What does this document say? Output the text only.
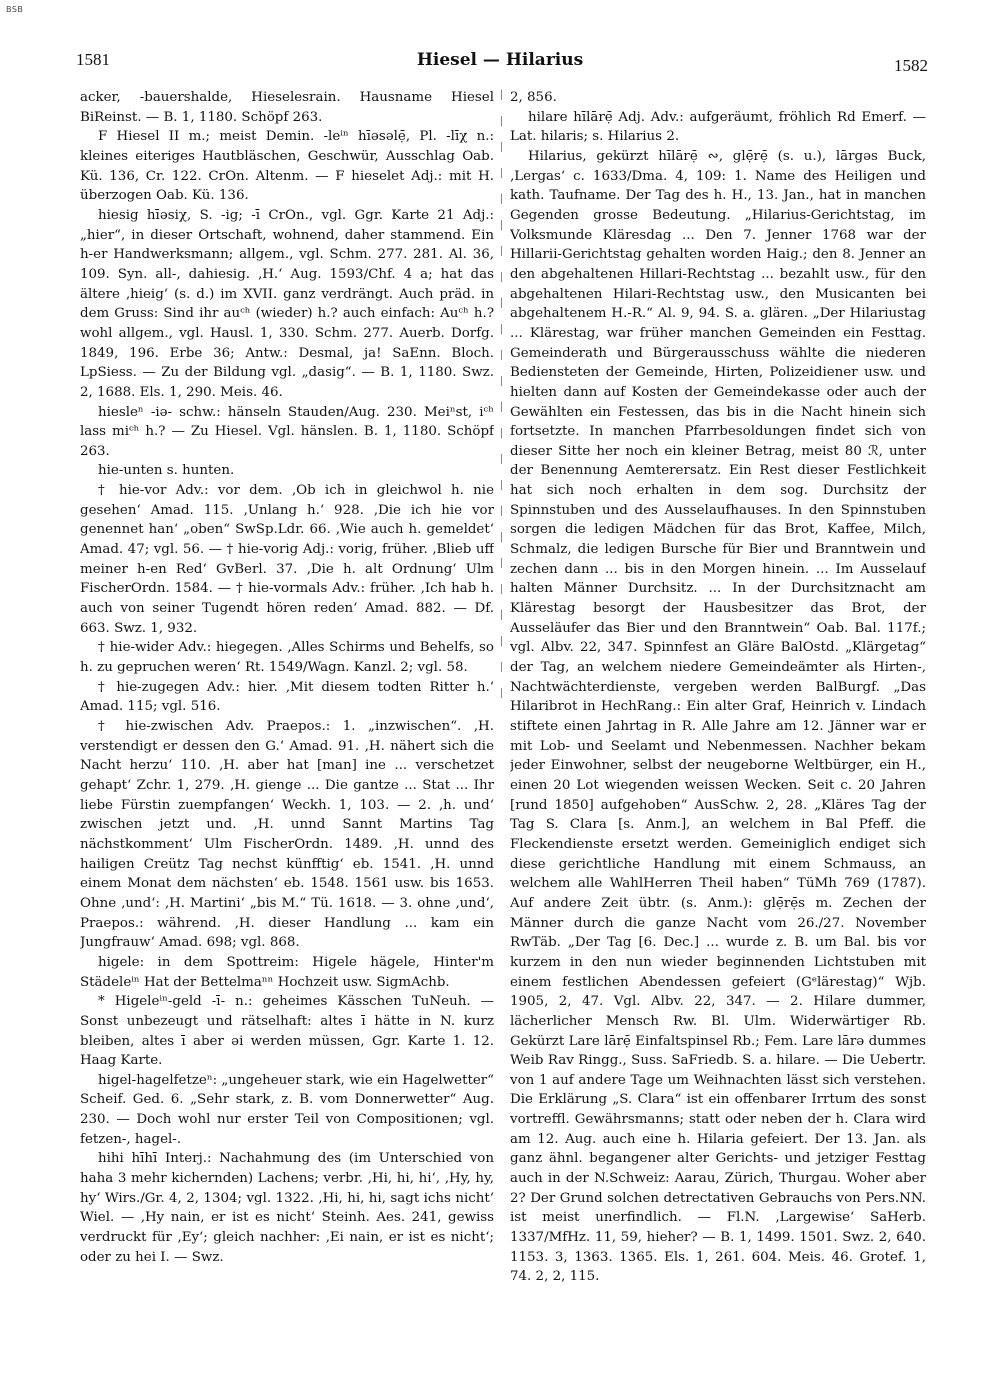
BSB
1581	Hiesel — Hilarius	1582

acker, -bauershalde, Hieselesrain. Hausname Hiesel BiReinst. — B. 1, 1180. Schöpf 263.

F Hiesel II m.; meist Demin. -leⁱⁿ hīəsəlẹ̄, Pl. -līχ n.: kleines eiteriges Hautbläschen, Geschwür, Ausschlag Oab. Kü. 136, Cr. 122. CrOn. Altenm. — F hieselet Adj.: mit H. überzogen Oab. Kü. 136.

hiesig hīəsiχ, S. -ig; -ī CrOn., vgl. Ggr. Karte 21 Adj.: „hier“, in dieser Ortschaft, wohnend, daher stammend. Ein h-er Handwerksmann; allgem., vgl. Schm. 277. 281. Al. 36, 109. Syn. all-, dahiesig. ‚H.‘ Aug. 1593/Chf. 4 a; hat das ältere ‚hieig‘ (s. d.) im XVII. ganz verdrängt. Auch präd. in dem Gruss: Sind ihr auᶜʰ (wieder) h.? auch einfach: Auᶜʰ h.? wohl allgem., vgl. Hausl. 1, 330. Schm. 277. Auerb. Dorfg. 1849, 196. Erbe 36; Antw.: Desmal, ja! SaEnn. Bloch. LpSiess. — Zu der Bildung vgl. „dasig“. — B. 1, 1180. Swz. 2, 1688. Els. 1, 290. Meis. 46.

hiesleⁿ -iə- schw.: hänseln Stauden/Aug. 230. Meiⁿst, iᶜʰ lass miᶜʰ h.? — Zu Hiesel. Vgl. hänslen. B. 1, 1180. Schöpf 263.

hie-unten s. hunten.

† hie-vor Adv.: vor dem. ‚Ob ich in gleichwol h. nie gesehen‘ Amad. 115. ‚Unlang h.‘ 928. ‚Die ich hie vor genennet han‘ „oben“ SwSp.Ldr. 66. ‚Wie auch h. gemeldet‘ Amad. 47; vgl. 56. — † hie-vorig Adj.: vorig, früher. ‚Blieb uff meiner h-en Red‘ GvBerl. 37. ‚Die h. alt Ordnung‘ Ulm FischerOrdn. 1584. — † hie-vormals Adv.: früher. ‚Ich hab h. auch von seiner Tugendt hören reden‘ Amad. 882. — Df. 663. Swz. 1, 932.

† hie-wider Adv.: hiegegen. ‚Alles Schirms und Behelfs, so h. zu gepruchen weren‘ Rt. 1549/Wagn. Kanzl. 2; vgl. 58.

† hie-zugegen Adv.: hier. ‚Mit diesem todten Ritter h.‘ Amad. 115; vgl. 516.

† hie-zwischen Adv. Praepos.: 1. „inzwischen“. ‚H. verstendigt er dessen den G.‘ Amad. 91. ‚H. nähert sich die Nacht herzu‘ 110. ‚H. aber hat [man] ine ... verschetzet gehapt‘ Zchr. 1, 279. ‚H. gienge ... Die gantze ... Stat ... Ihr liebe Fürstin zuempfangen‘ Weckh. 1, 103. — 2. ‚h. und‘ zwischen jetzt und. ‚H. unnd Sannt Martins Tag nächstkomment‘ Ulm FischerOrdn. 1489. ‚H. unnd des hailigen Creütz Tag nechst künfftig‘ eb. 1541. ‚H. unnd einem Monat dem nächsten‘ eb. 1548. 1561 usw. bis 1653. Ohne ‚und‘: ‚H. Martini‘ „bis M.“ Tü. 1618. — 3. ohne ‚und‘, Praepos.: während. ‚H. dieser Handlung ... kam ein Jungfrauw‘ Amad. 698; vgl. 868.

higele: in dem Spottreim: Higele hägele, Hinter'm Städeleⁱⁿ Hat der Bettelmaⁿⁿ Hochzeit usw. SigmAchb.

* Higeleⁱⁿ-geld -ī- n.: geheimes Kässchen TuNeuh. — Sonst unbezeugt und rätselhaft: altes ī hätte in N. kurz bleiben, altes ī aber əi werden müssen, Ggr. Karte 1. 12. Haag Karte.

higel-hagelfetzeⁿ: „ungeheuer stark, wie ein Hagelwetter“ Scheif. Ged. 6. „Sehr stark, z. B. vom Donnerwetter“ Aug. 230. — Doch wohl nur erster Teil von Compositionen; vgl. fetzen-, hagel-.

hihi hīhī Interj.: Nachahmung des (im Unterschied von haha 3 mehr kichernden) Lachens; verbr. ‚Hi, hi, hi‘, ‚Hy, hy, hy‘ Wirs./Gr. 4, 2, 1304; vgl. 1322. ‚Hi, hi, hi, sagt ichs nicht‘ Wiel. — ‚Hy nain, er ist es nicht‘ Steinh. Aes. 241, gewiss verdruckt für ‚Ey‘; gleich nachher: ‚Ei nain, er ist es nicht‘; oder zu hei I. — Swz.

2, 856.

hilare hīlārẹ̄ Adj. Adv.: aufgeräumt, fröhlich Rd Emerf. — Lat. hilaris; s. Hilarius 2.

Hilarius, gekürzt hīlārẹ̄ ∾, glẹ̄rẹ̄ (s. u.), lārgəs Buck, ‚Lergas‘ c. 1633/Dma. 4, 109: 1. Name des Heiligen und kath. Taufname. Der Tag des h. H., 13. Jan., hat in manchen Gegenden grosse Bedeutung. „Hilarius-Gerichtstag, im Volksmunde Kläresdag ... Den 7. Jenner 1768 war der Hillarii-Gerichtstag gehalten worden Haig.; den 8. Jenner an den abgehaltenen Hillari-Rechtstag ... bezahlt usw., für den abgehaltenen Hilari-Rechtstag usw., den Musicanten bei abgehaltenem H.-R.“ Al. 9, 94. S. a. glären. „Der Hilariustag ... Klärestag, war früher manchen Gemeinden ein Festtag. Gemeinderath und Bürgerausschuss wählte die niederen Bediensteten der Gemeinde, Hirten, Polizeidiener usw. und hielten dann auf Kosten der Gemeindekasse oder auch der Gewählten ein Festessen, das bis in die Nacht hinein sich fortsetzte. In manchen Pfarrbesoldungen findet sich von dieser Sitte her noch ein kleiner Betrag, meist 80 ℛ, unter der Benennung Aemterersatz. Ein Rest dieser Festlichkeit hat sich noch erhalten in dem sog. Durchsitz der Spinnstuben und des Ausselaufhauses. In den Spinnstuben sorgen die ledigen Mädchen für das Brot, Kaffee, Milch, Schmalz, die ledigen Bursche für Bier und Branntwein und zechen dann ... bis in den Morgen hinein. ... Im Ausselauf halten Männer Durchsitz. ... In der Durchsitznacht am Klärestag besorgt der Hausbesitzer das Brot, der Ausseläufer das Bier und den Branntwein“ Oab. Bal. 117f.; vgl. Albv. 22, 347. Spinnfest an Gläre BalOstd. „Klärgetag“ der Tag, an welchem niedere Gemeindeämter als Hirten-, Nachtwächterdienste, vergeben werden BalBurgf. „Das Hilaribrot in HechRang.: Ein alter Graf, Heinrich v. Lindach stiftete einen Jahrtag in R. Alle Jahre am 12. Jänner war er mit Lob- und Seelamt und Nebenmessen. Nachher bekam jeder Einwohner, selbst der neugeborne Weltbürger, ein H., einen 20 Lot wiegenden weissen Wecken. Seit c. 20 Jahren [rund 1850] aufgehoben“ AusSchw. 2, 28. „Kläres Tag der Tag S. Clara [s. Anm.], an welchem in Bal Pfeff. die Fleckendienste ersetzt werden. Gemeiniglich endiget sich diese gerichtliche Handlung mit einem Schmauss, an welchem alle WahlHerren Theil haben“ TüMh 769 (1787). Auf andere Zeit übtr. (s. Anm.): glẹ̄rẹ̄s m. Zechen der Männer durch die ganze Nacht vom 26./27. November RwTäb. „Der Tag [6. Dec.] ... wurde z. B. um Bal. bis vor kurzem in den nun wieder beginnenden Lichtstuben mit einem festlichen Abendessen gefeiert (Gᵉlärestag)“ Wjb. 1905, 2, 47. Vgl. Albv. 22, 347. — 2. Hilare dummer, lächerlicher Mensch Rw. Bl. Ulm. Widerwärtiger Rb. Gekürzt Lare lārẹ̄ Einfaltspinsel Rb.; Fem. Lare lārə dummes Weib Rav Ringg., Suss. SaFriedb. S. a. hilare. — Die Uebertr. von 1 auf andere Tage um Weihnachten lässt sich verstehen. Die Erklärung „S. Clara“ ist ein offenbarer Irrtum des sonst vortreffl. Gewährsmanns; statt oder neben der h. Clara wird am 12. Aug. auch eine h. Hilaria gefeiert. Der 13. Jan. als ganz ähnl. begangener alter Gerichts- und jetziger Festtag auch in der N.Schweiz: Aarau, Zürich, Thurgau. Woher aber 2? Der Grund solchen detrectativen Gebrauchs von Pers.NN. ist meist unerfindlich. — Fl.N. ‚Largewise‘ SaHerb. 1337/MfHz. 11, 59, hieher? — B. 1, 1499. 1501. Swz. 2, 640. 1153. 3, 1363. 1365. Els. 1, 261. 604. Meis. 46. Grotef. 1, 74. 2, 2, 115.
